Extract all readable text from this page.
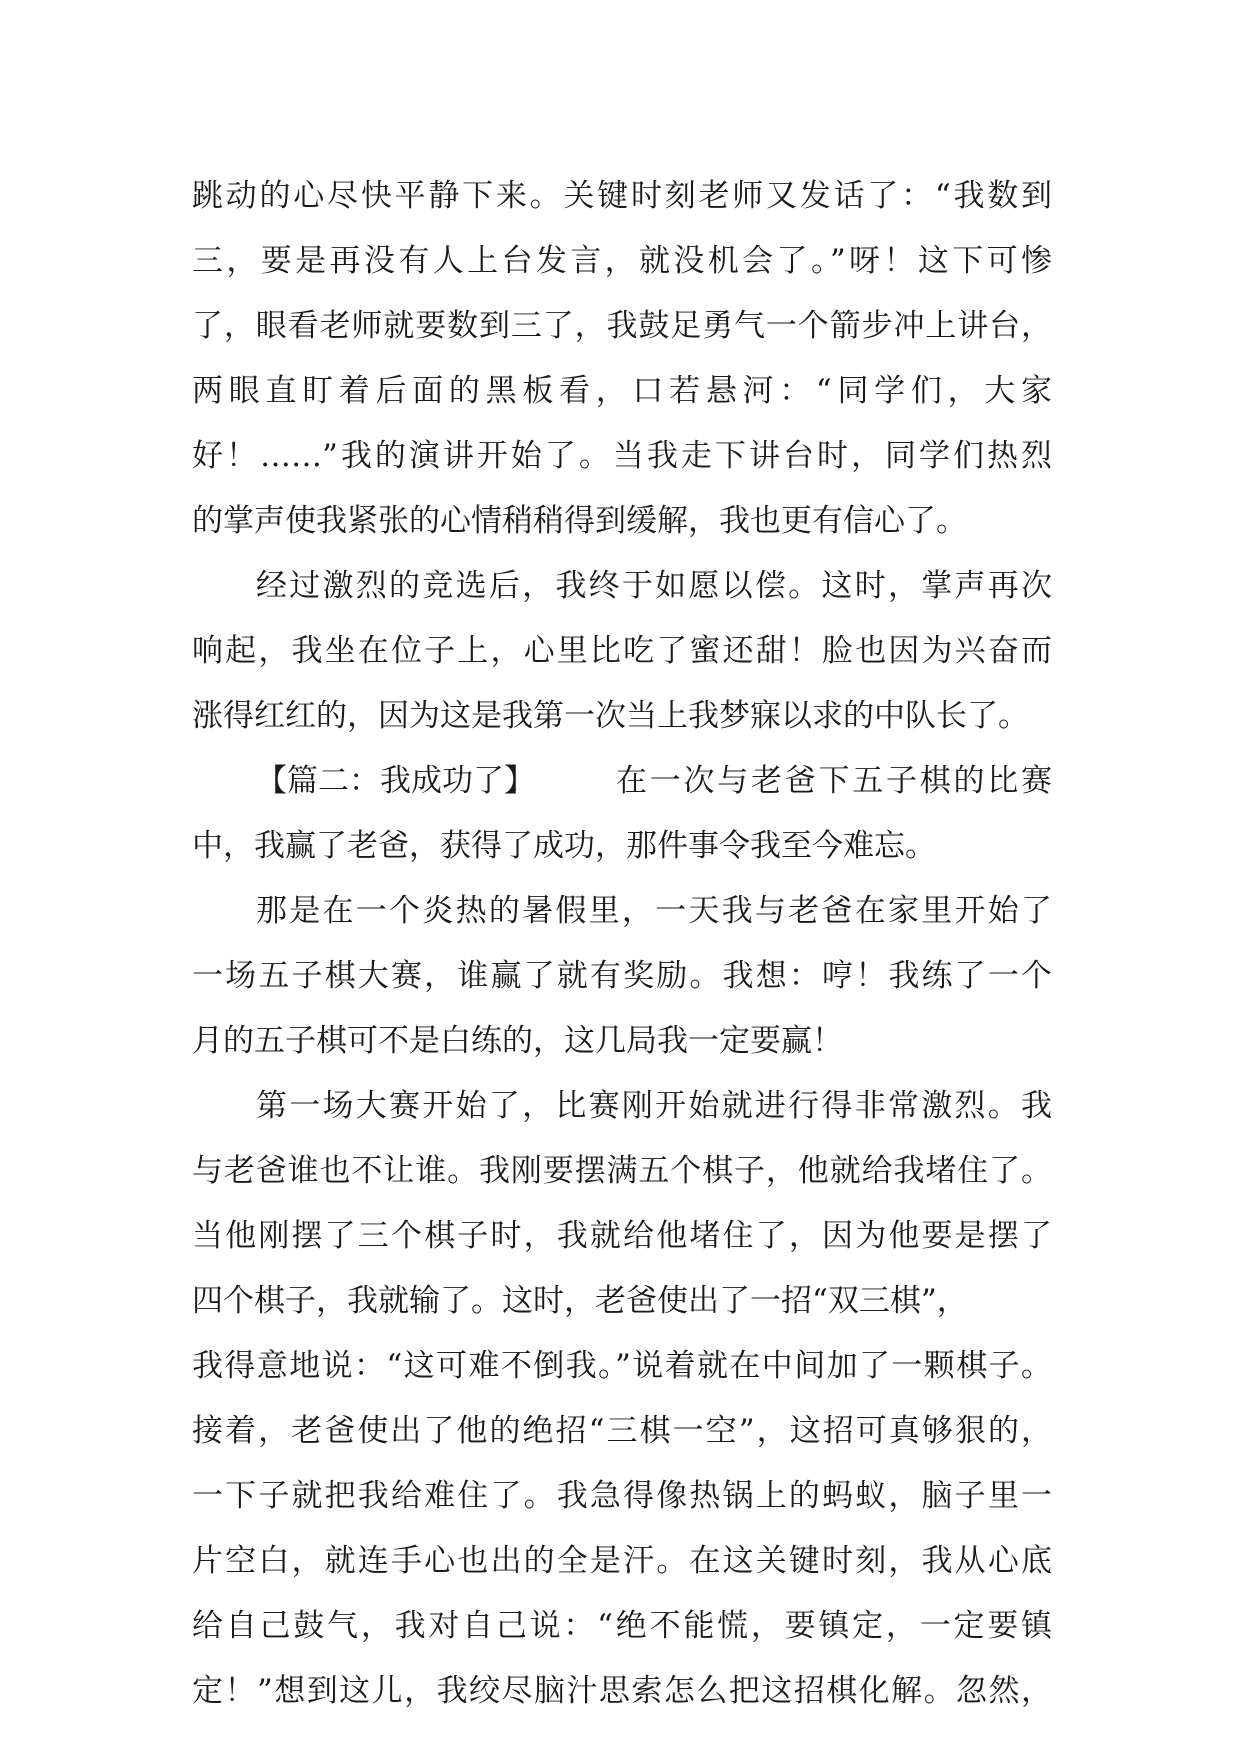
跳动的心尽快平静下来。关键时刻老师又发话了：“我数到
三，要是再没有人上台发言，就没机会了。”呀！这下可惨
了，眼看老师就要数到三了，我鼓足勇气一个箭步冲上讲台，
两眼直盯着后面的黑板看，口若悬河：“同学们，大家
好！……”我的演讲开始了。当我走下讲台时，同学们热烈
的掌声使我紧张的心情稍稍得到缓解，我也更有信心了。
经过激烈的竞选后，我终于如愿以偿。这时，掌声再次
响起，我坐在位子上，心里比吃了蜜还甜！脸也因为兴奋而
涨得红红的，因为这是我第一次当上我梦寐以求的中队长了。
【篇二：我成功了】	在一次与老爸下五子棋的比赛
中，我赢了老爸，获得了成功，那件事令我至今难忘。
那是在一个炎热的暑假里，一天我与老爸在家里开始了
一场五子棋大赛，谁赢了就有奖励。我想：哼！我练了一个
月的五子棋可不是白练的，这几局我一定要赢！
第一场大赛开始了，比赛刚开始就进行得非常激烈。我
与老爸谁也不让谁。我刚要摆满五个棋子，他就给我堵住了。
当他刚摆了三个棋子时，我就给他堵住了，因为他要是摆了
四个棋子，我就输了。这时，老爸使出了一招“双三棋”，
我得意地说：“这可难不倒我。”说着就在中间加了一颗棋子。
接着，老爸使出了他的绝招“三棋一空”，这招可真够狠的，
一下子就把我给难住了。我急得像热锅上的蚂蚁，脑子里一
片空白，就连手心也出的全是汗。在这关键时刻，我从心底
给自己鼓气，我对自己说：“绝不能慌，要镇定，一定要镇
定！”想到这儿，我绞尽脑汁思索怎么把这招棋化解。忽然，
